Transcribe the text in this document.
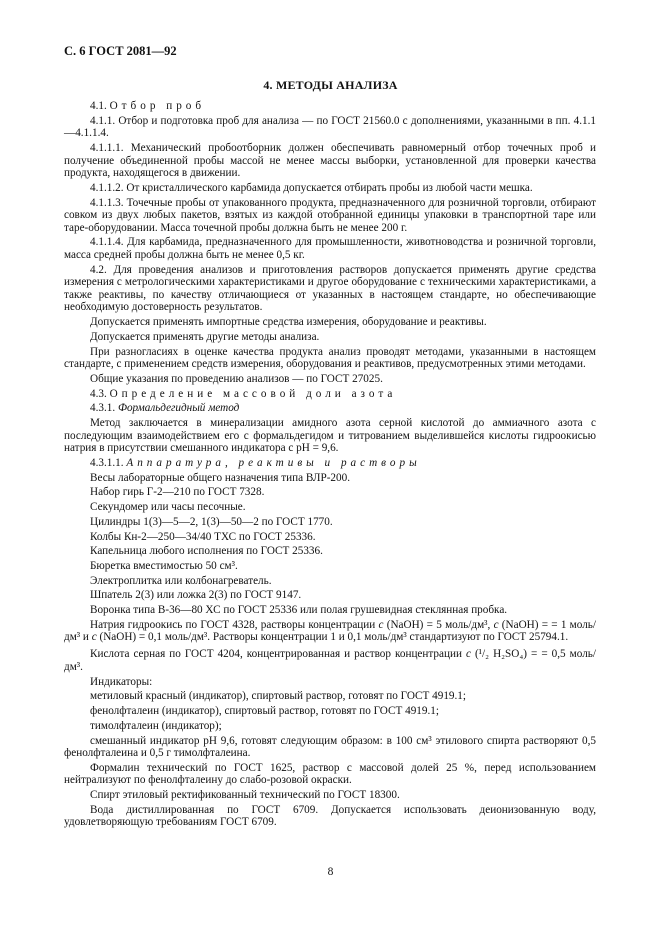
С. 6 ГОСТ 2081—92
4. МЕТОДЫ АНАЛИЗА

4.1. Отбор проб

4.1.1. Отбор и подготовка проб для анализа — по ГОСТ 21560.0 с дополнениями, указанными в пп. 4.1.1—4.1.1.4.

4.1.1.1. Механический пробоотборник должен обеспечивать равномерный отбор точечных проб и получение объединенной пробы массой не менее массы выборки, установленной для проверки качества продукта, находящегося в движении.

4.1.1.2. От кристаллического карбамида допускается отбирать пробы из любой части мешка.

4.1.1.3. Точечные пробы от упакованного продукта, предназначенного для розничной торговли, отбирают совком из двух любых пакетов, взятых из каждой отобранной единицы упаковки в транспортной таре или таре-оборудовании. Масса точечной пробы должна быть не менее 200 г.

4.1.1.4. Для карбамида, предназначенного для промышленности, животноводства и розничной торговли, масса средней пробы должна быть не менее 0,5 кг.

4.2. Для проведения анализов и приготовления растворов допускается применять другие средства измерения с метрологическими характеристиками и другое оборудование с техническими характеристиками, а также реактивы, по качеству отличающиеся от указанных в настоящем стандарте, но обеспечивающие необходимую достоверность результатов.

Допускается применять импортные средства измерения, оборудование и реактивы.

Допускается применять другие методы анализа.

При разногласиях в оценке качества продукта анализ проводят методами, указанными в настоящем стандарте, с применением средств измерения, оборудования и реактивов, предусмотренных этими методами.

Общие указания по проведению анализов — по ГОСТ 27025.

4.3. Определение массовой доли азота

4.3.1. Формальдегидный метод

Метод заключается в минерализации амидного азота серной кислотой до аммиачного азота с последующим взаимодействием его с формальдегидом и титрованием выделившейся кислоты гидроокисью натрия в присутствии смешанного индикатора с pH = 9,6.

4.3.1.1. Аппаратура, реактивы и растворы

Весы лабораторные общего назначения типа ВЛР-200.

Набор гирь Г-2—210 по ГОСТ 7328.

Секундомер или часы песочные.

Цилиндры 1(3)—5—2, 1(3)—50—2 по ГОСТ 1770.

Колбы Кн-2—250—34/40 ТХС по ГОСТ 25336.

Капельница любого исполнения по ГОСТ 25336.

Бюретка вместимостью 50 см³.

Электроплитка или колбонагреватель.

Шпатель 2(3) или ложка 2(3) по ГОСТ 9147.

Воронка типа В-36—80 ХС по ГОСТ 25336 или полая грушевидная стеклянная пробка.

Натрия гидроокись по ГОСТ 4328, растворы концентрации c (NaOH) = 5 моль/дм³, c (NaOH) = = 1 моль/дм³ и c (NaOH) = 0,1 моль/дм³. Растворы концентрации 1 и 0,1 моль/дм³ стандартизуют по ГОСТ 25794.1.

Кислота серная по ГОСТ 4204, концентрированная и раствор концентрации c (¹/₂ H₂SO₄) = = 0,5 моль/дм³.

Индикаторы:

метиловый красный (индикатор), спиртовый раствор, готовят по ГОСТ 4919.1;

фенолфталеин (индикатор), спиртовый раствор, готовят по ГОСТ 4919.1;

тимолфталеин (индикатор);

смешанный индикатор pH 9,6, готовят следующим образом: в 100 см³ этилового спирта растворяют 0,5 фенолфталеина и 0,5 г тимолфталеина.

Формалин технический по ГОСТ 1625, раствор с массовой долей 25 %, перед использованием нейтрализуют по фенолфталеину до слабо-розовой окраски.

Спирт этиловый ректификованный технический по ГОСТ 18300.

Вода дистиллированная по ГОСТ 6709. Допускается использовать деионизованную воду, удовлетворяющую требованиям ГОСТ 6709.

8
